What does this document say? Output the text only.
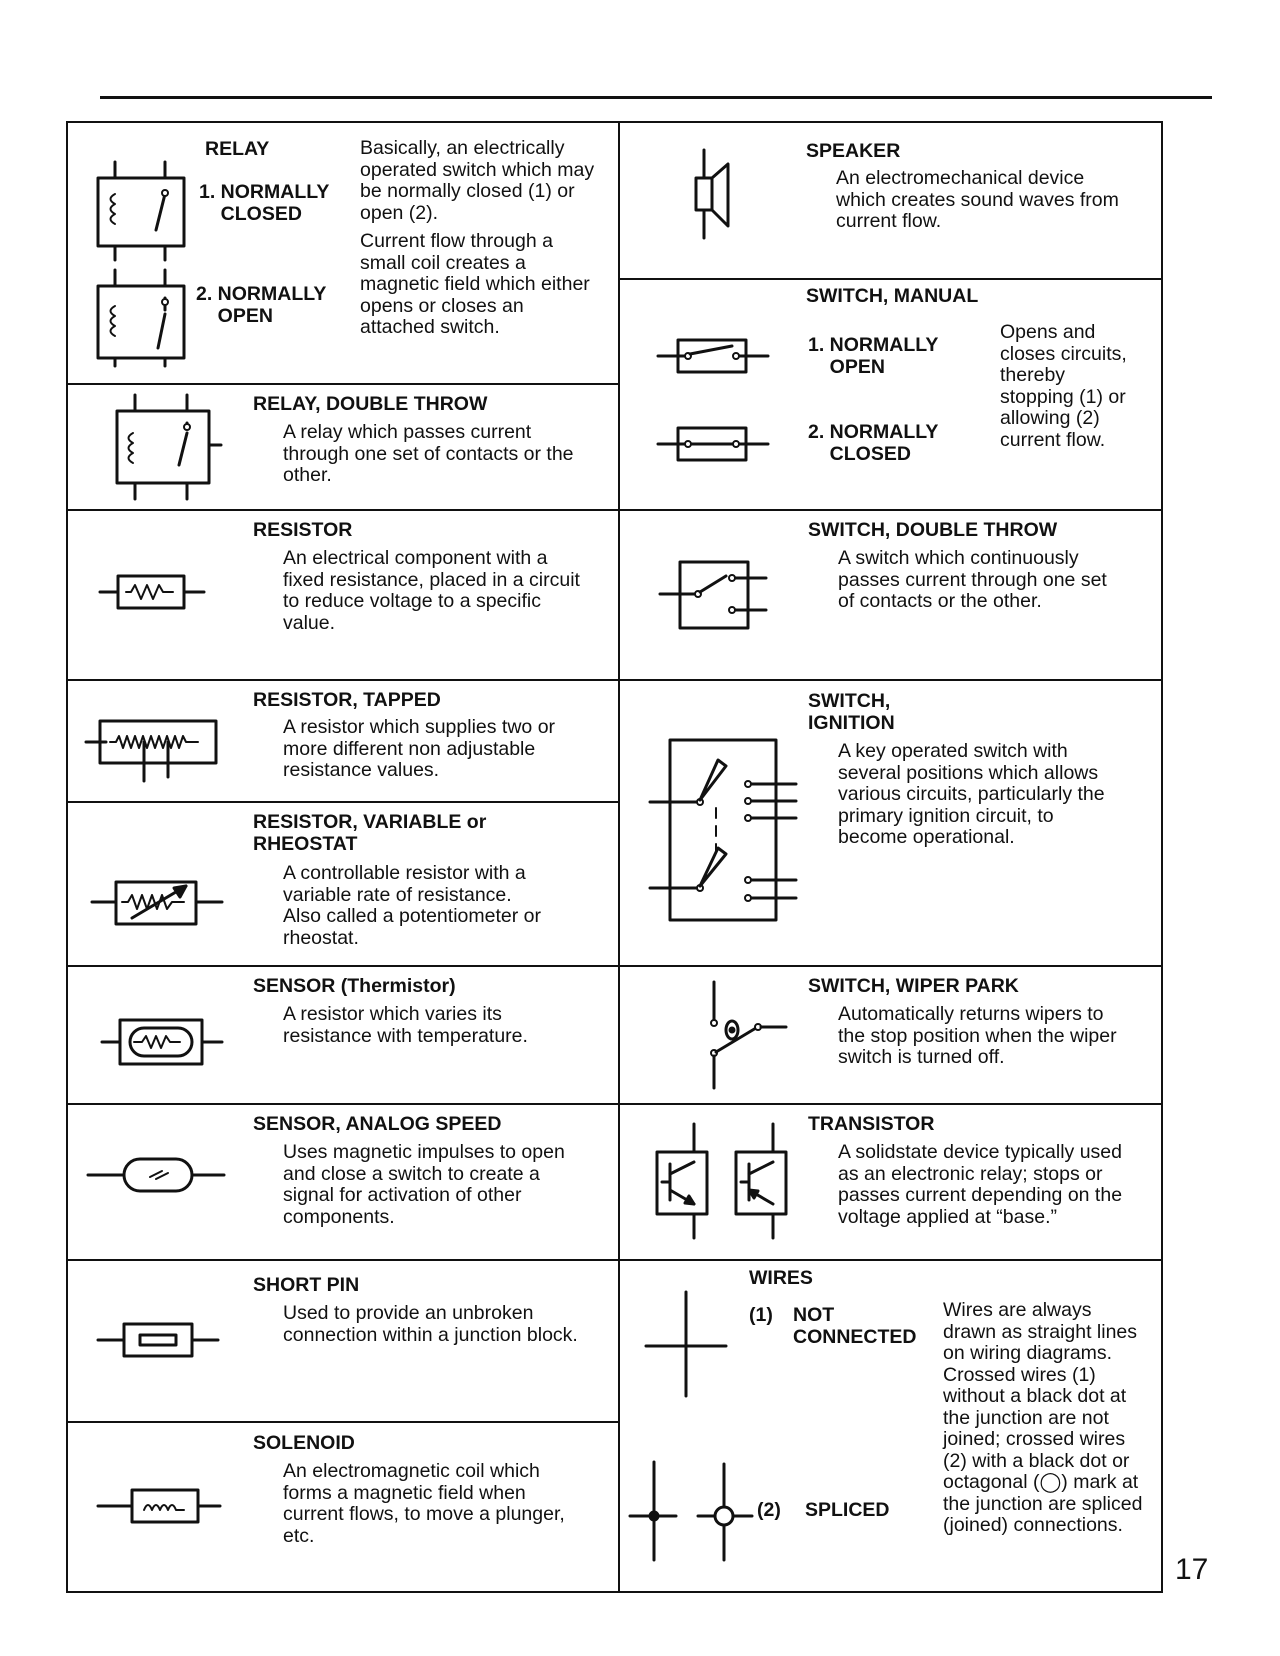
RELAY

1. NORMALLY
CLOSED

2. NORMALLY
OPEN

Basically, an electrically
operated switch which may
be normally closed (1) or
open (2).

Current flow through a
small coil creates a
magnetic field which either
opens or closes an
attached switch.

RELAY, DOUBLE THROW

A relay which passes current
through one set of contacts or the
other.

RESISTOR

An electrical component with a
fixed resistance, placed in a circuit
to reduce voltage to a specific
value.

RESISTOR, TAPPED

A resistor which supplies two or
more different non adjustable
resistance values.

RESISTOR, VARIABLE or
RHEOSTAT

A controllable resistor with a
variable rate of resistance.
Also called a potentiometer or
rheostat.

SENSOR (Thermistor)

A resistor which varies its
resistance with temperature.

SENSOR, ANALOG SPEED

Uses magnetic impulses to open
and close a switch to create a
signal for activation of other
components.

SHORT PIN

Used to provide an unbroken
connection within a junction block.

SOLENOID

An electromagnetic coil which
forms a magnetic field when
current flows, to move a plunger,
etc.

SPEAKER

An electromechanical device
which creates sound waves from
current flow.

SWITCH, MANUAL

1. NORMALLY
OPEN

2. NORMALLY
CLOSED

Opens and
closes circuits,
thereby
stopping (1) or
allowing (2)
current flow.

SWITCH, DOUBLE THROW

A switch which continuously
passes current through one set
of contacts or the other.

SWITCH,
IGNITION

A key operated switch with
several positions which allows
various circuits, particularly the
primary ignition circuit, to
become operational.

SWITCH, WIPER PARK

Automatically returns wipers to
the stop position when the wiper
switch is turned off.

TRANSISTOR

A solidstate device typically used
as an electronic relay; stops or
passes current depending on the
voltage applied at “base.”

WIRES

(1) NOT
CONNECTED

(2) SPLICED

Wires are always
drawn as straight lines
on wiring diagrams.
Crossed wires (1)
without a black dot at
the junction are not
joined; crossed wires
(2) with a black dot or
octagonal (◯) mark at
the junction are spliced
(joined) connections.

17
